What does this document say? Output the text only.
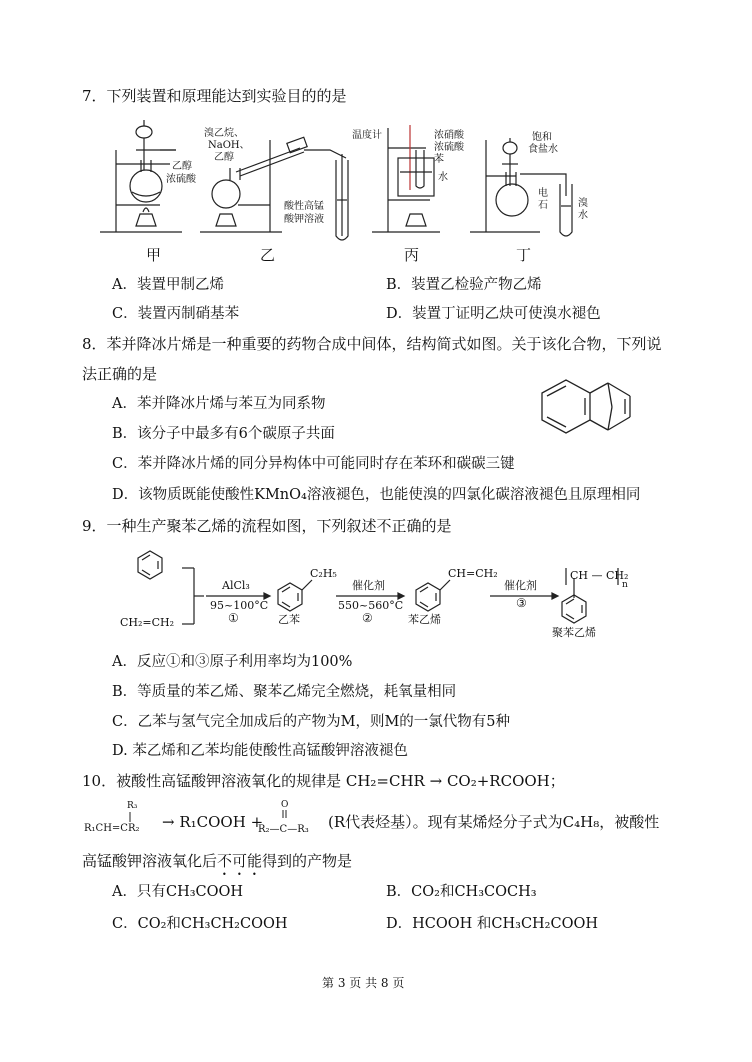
7．下列装置和原理能达到实验目的的是
乙醇
浓硫酸
溴乙烷、
NaOH、
乙醇
酸性高锰
酸钾溶液
温度计	浓硝酸
浓硫酸
苯
水
饱和
食盐水
电
石	溴
水
甲	乙	丙	丁
A．装置甲制乙烯	B．装置乙检验产物乙烯
C．装置丙制硝基苯	D．装置丁证明乙炔可使溴水褪色
8．苯并降冰片烯是一种重要的药物合成中间体，结构简式如图。关于该化合物，下列说
法正确的是
A．苯并降冰片烯与苯互为同系物
B．该分子中最多有6个碳原子共面
C．苯并降冰片烯的同分异构体中可能同时存在苯环和碳碳三键
D．该物质既能使酸性KMnO₄溶液褪色，也能使溴的四氯化碳溶液褪色且原理相同
9．一种生产聚苯乙烯的流程如图，下列叙述不正确的是
CH₂=CH₂
AlCl₃
95~100°C
①
C₂H₅
乙苯
催化剂
550~560°C
②
CH=CH₂
苯乙烯
催化剂
③
CH — CH₂
n
聚苯乙烯
A．反应①和③原子利用率均为100%
B．等质量的苯乙烯、聚苯乙烯完全燃烧，耗氧量相同
C．乙苯与氢气完全加成后的产物为M，则M的一氯代物有5种
D. 苯乙烯和乙苯均能使酸性高锰酸钾溶液褪色
10．被酸性高锰酸钾溶液氧化的规律是 CH₂=CHR → CO₂+RCOOH；
R₃
R₁CH=CR₂ → R₁COOH +
O
R₂—C—R₃ (R代表烃基）。现有某烯烃分子式为C₄H₈，被酸性
高锰酸钾溶液氧化后不可能得到的产物是
A．只有CH₃COOH	B．CO₂和CH₃COCH₃
C．CO₂和CH₃CH₂COOH	D．HCOOH 和CH₃CH₂COOH
第 3 页 共 8 页
